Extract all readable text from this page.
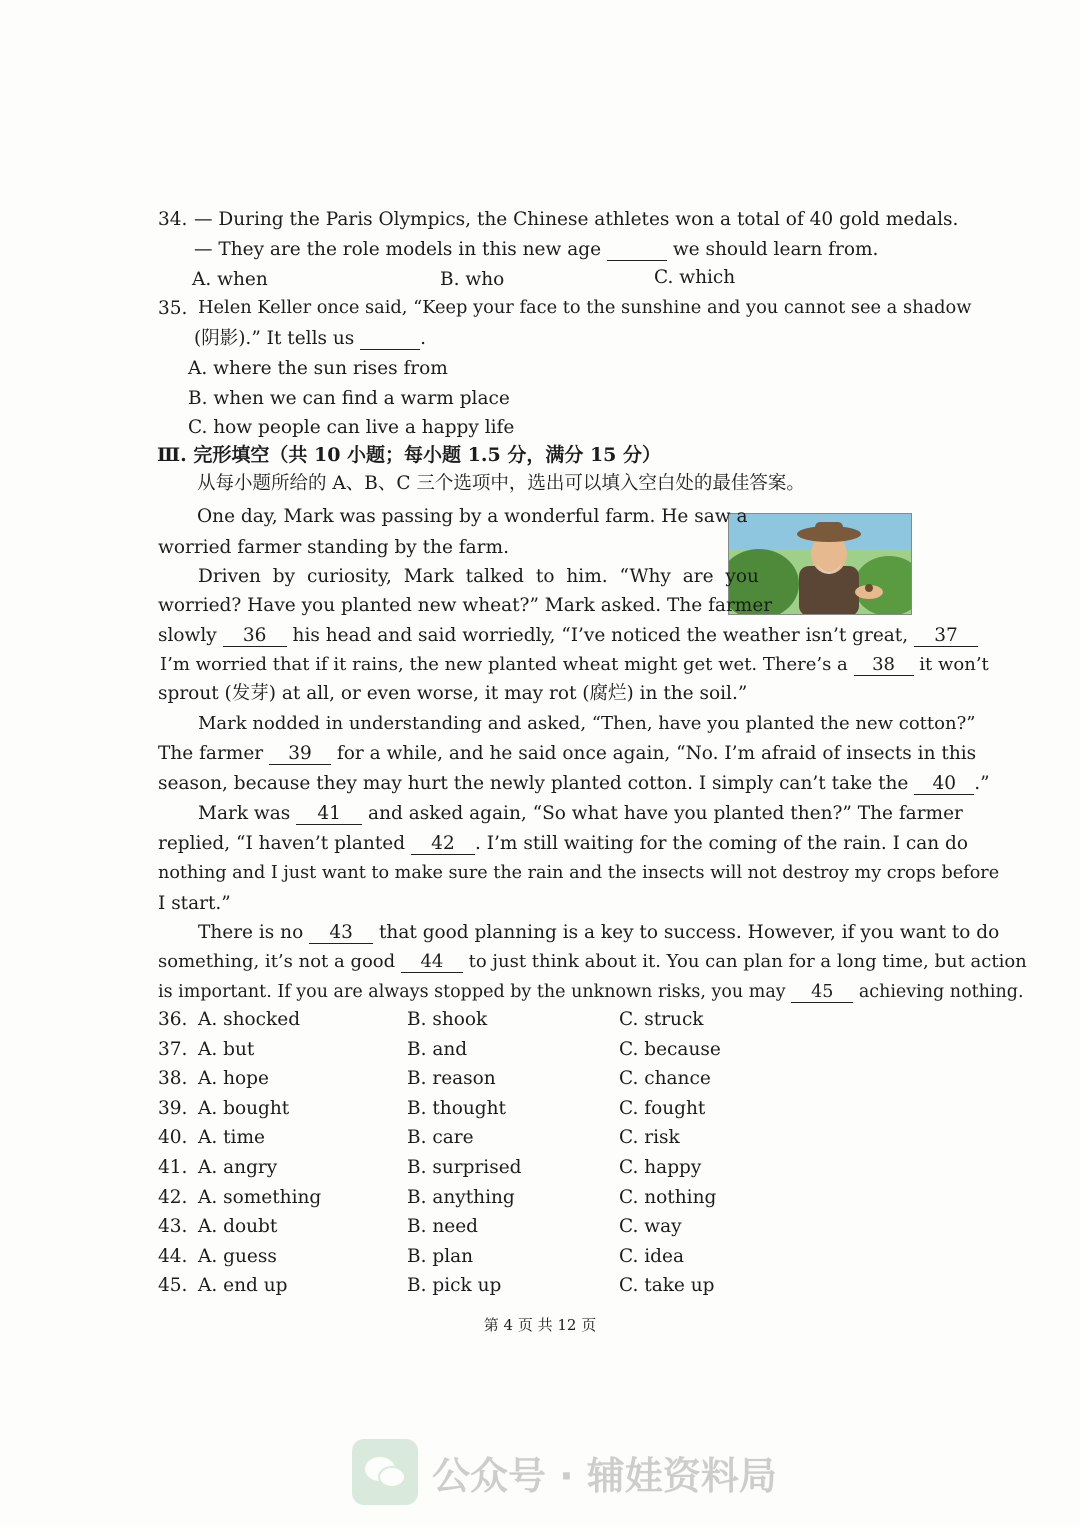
34. — During the Paris Olympics, the Chinese athletes won a total of 40 gold medals.
— They are the role models in this new age	we should learn from.
A. when	B. who	C. which
35. Helen Keller once said, “Keep your face to the sunshine and you cannot see a shadow
(阴影).” It tells us	.
A. where the sun rises from
B. when we can find a warm place
C. how people can live a happy life
Ⅲ. 完形填空（共 10 小题；每小题 1.5 分，满分 15 分）
从每小题所给的 A、B、C 三个选项中，选出可以填入空白处的最佳答案。
One day, Mark was passing by a wonderful farm. He saw a
worried farmer standing by the farm.
Driven by curiosity, Mark talked to him. “Why are you
worried? Have you planted new wheat?” Mark asked. The farmer
slowly 36 his head and said worriedly, “I’ve noticed the weather isn’t great, 37
I’m worried that if it rains, the new planted wheat might get wet. There’s a 38 it won’t
sprout (发芽) at all, or even worse, it may rot (腐烂) in the soil.”
Mark nodded in understanding and asked, “Then, have you planted the new cotton?”
The farmer 39 for a while, and he said once again, “No. I’m afraid of insects in this
season, because they may hurt the newly planted cotton. I simply can’t take the 40 .”
Mark was 41 and asked again, “So what have you planted then?” The farmer
replied, “I haven’t planted 42 . I’m still waiting for the coming of the rain. I can do
nothing and I just want to make sure the rain and the insects will not destroy my crops before
I start.”
There is no 43 that good planning is a key to success. However, if you want to do
something, it’s not a good 44 to just think about it. You can plan for a long time, but action
is important. If you are always stopped by the unknown risks, you may 45 achieving nothing.
36. A. shocked	B. shook	C. struck
37. A. but	B. and	C. because
38. A. hope	B. reason	C. chance
39. A. bought	B. thought	C. fought
40. A. time	B. care	C. risk
41. A. angry	B. surprised	C. happy
42. A. something	B. anything	C. nothing
43. A. doubt	B. need	C. way
44. A. guess	B. plan	C. idea
45. A. end up	B. pick up	C. take up
第 4 页 共 12 页
公众号 · 辅娃资料局
